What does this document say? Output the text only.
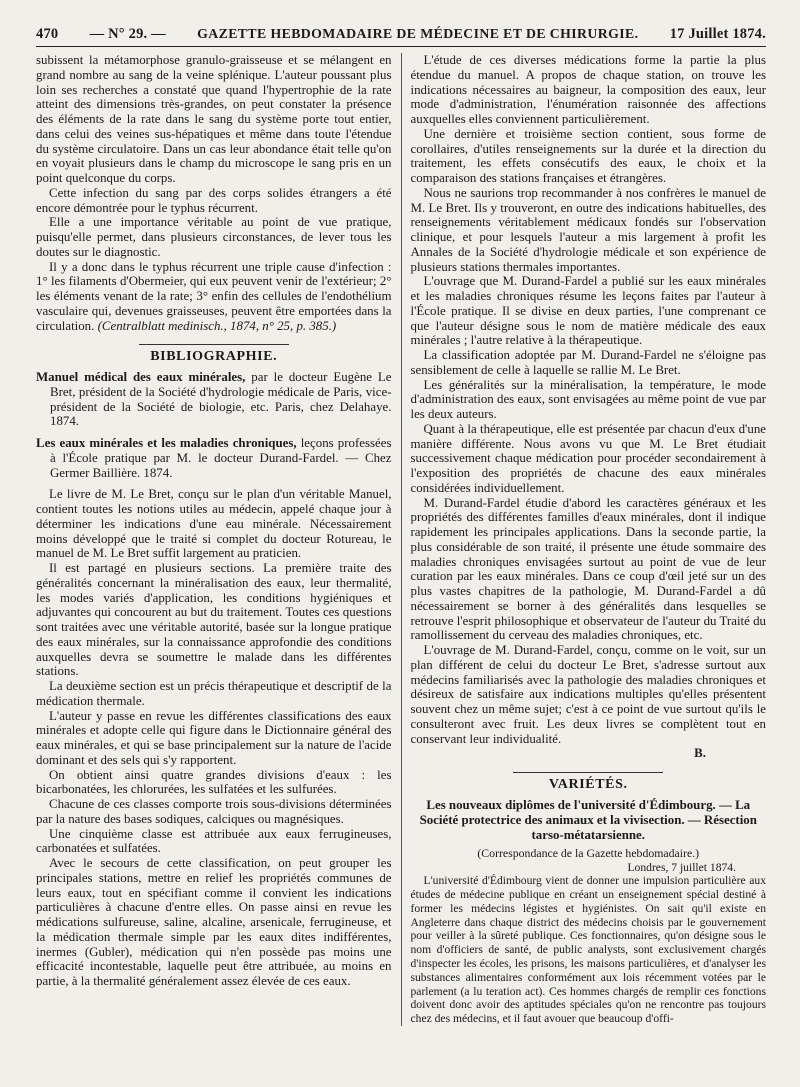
470 — N° 29. — GAZETTE HEBDOMADAIRE DE MÉDECINE ET DE CHIRURGIE. 17 Juillet 1874.

subissent la métamorphose granulo-graisseuse et se mélangent en grand nombre au sang de la veine splénique. L'auteur poussant plus loin ses recherches a constaté que quand l'hypertrophie de la rate atteint des dimensions très-grandes, on peut constater la présence des éléments de la rate dans le sang du système porte tout entier, dans celui des veines sus-hépatiques et même dans toute l'étendue du système circulatoire. Dans un cas leur abondance était telle qu'on en voyait plusieurs dans le champ du microscope le sang pris en un point quelconque du corps.

Cette infection du sang par des corps solides étrangers a été encore démontrée pour le typhus récurrent.

Elle a une importance véritable au point de vue pratique, puisqu'elle permet, dans plusieurs circonstances, de lever tous les doutes sur le diagnostic.

Il y a donc dans le typhus récurrent une triple cause d'infection : 1° les filaments d'Obermeier, qui eux peuvent venir de l'extérieur; 2° les éléments venant de la rate; 3° enfin des cellules de l'endothélium vasculaire qui, devenues graisseuses, peuvent être emportées dans la circulation. (Centralblatt medinisch., 1874, n° 25, p. 385.)

BIBLIOGRAPHIE.

Manuel médical des eaux minérales, par le docteur Eugène Le Bret, président de la Société d'hydrologie médicale de Paris, vice-président de la Société de biologie, etc. Paris, chez Delahaye. 1874.

Les eaux minérales et les maladies chroniques, leçons professées à l'École pratique par M. le docteur Durand-Fardel. — Chez Germer Baillière. 1874.

Le livre de M. Le Bret, conçu sur le plan d'un véritable Manuel, contient toutes les notions utiles au médecin, appelé chaque jour à déterminer les indications d'une eau minérale. Nécessairement moins développé que le traité si complet du docteur Rotureau, le manuel de M. Le Bret suffit largement au praticien.

Il est partagé en plusieurs sections. La première traite des généralités concernant la minéralisation des eaux, leur thermalité, les modes variés d'application, les conditions hygiéniques et adjuvantes qui concourent au but du traitement. Toutes ces questions sont traitées avec une véritable autorité, basée sur la longue pratique des eaux minérales, sur la connaissance approfondie des conditions auxquelles devra se soumettre le malade dans les différentes stations.

La deuxième section est un précis thérapeutique et descriptif de la médication thermale.

L'auteur y passe en revue les différentes classifications des eaux minérales et adopte celle qui figure dans le Dictionnaire général des eaux minérales, et qui se base principalement sur la nature de l'acide dominant et des sels qui s'y rapportent.

On obtient ainsi quatre grandes divisions d'eaux : les bicarbonatées, les chlorurées, les sulfatées et les sulfurées.

Chacune de ces classes comporte trois sous-divisions déterminées par la nature des bases sodiques, calciques ou magnésiques.

Une cinquième classe est attribuée aux eaux ferrugineuses, carbonatées et sulfatées.

Avec le secours de cette classification, on peut grouper les principales stations, mettre en relief les propriétés communes de leurs eaux, tout en spécifiant comme il convient les indications particulières à chacune d'entre elles. On passe ainsi en revue les médications sulfureuse, saline, alcaline, arsenicale, ferrugineuse, et la médication thermale simple par les eaux dites indifférentes, inermes (Gubler), médication qui n'en possède pas moins une efficacité incontestable, laquelle peut être attribuée, au moins en partie, à la thermalité généralement assez élevée de ces eaux.

L'étude de ces diverses médications forme la partie la plus étendue du manuel. A propos de chaque station, on trouve les indications nécessaires au baigneur, la composition des eaux, leur mode d'administration, l'énumération raisonnée des affections auxquelles elles conviennent particulièrement.

Une dernière et troisième section contient, sous forme de corollaires, d'utiles renseignements sur la durée et la direction du traitement, les effets consécutifs des eaux, le choix et la comparaison des stations françaises et étrangères.

Nous ne saurions trop recommander à nos confrères le manuel de M. Le Bret. Ils y trouveront, en outre des indications habituelles, des renseignements véritablement médicaux fondés sur l'observation clinique, et pour lesquels l'auteur a mis largement à profit les Annales de la Société d'hydrologie médicale et son expérience de plusieurs stations thermales importantes.

L'ouvrage que M. Durand-Fardel a publié sur les eaux minérales et les maladies chroniques résume les leçons faites par l'auteur à l'École pratique. Il se divise en deux parties, l'une comprenant ce que l'auteur désigne sous le nom de matière médicale des eaux minérales ; l'autre relative à la thérapeutique.

La classification adoptée par M. Durand-Fardel ne s'éloigne pas sensiblement de celle à laquelle se rallie M. Le Bret.

Les généralités sur la minéralisation, la température, le mode d'administration des eaux, sont envisagées au même point de vue par les deux auteurs.

Quant à la thérapeutique, elle est présentée par chacun d'eux d'une manière différente. Nous avons vu que M. Le Bret étudiait successivement chaque médication pour procéder secondairement à l'exposition des propriétés de chacune des eaux minérales considérées individuellement.

M. Durand-Fardel étudie d'abord les caractères généraux et les propriétés des différentes familles d'eaux minérales, dont il indique rapidement les principales applications. Dans la seconde partie, la plus considérable de son traité, il présente une étude sommaire des maladies chroniques envisagées surtout au point de vue de leur curation par les eaux minérales. Dans ce coup d'œil jeté sur un des plus vastes chapitres de la pathologie, M. Durand-Fardel a dû nécessairement se borner à des généralités dans lesquelles se retrouve l'esprit philosophique et observateur de l'auteur du Traité du ramollissement du cerveau des maladies chroniques, etc.

L'ouvrage de M. Durand-Fardel, conçu, comme on le voit, sur un plan différent de celui du docteur Le Bret, s'adresse surtout aux médecins familiarisés avec la pathologie des maladies chroniques et désireux de satisfaire aux indications multiples qu'elles présentent souvent chez un même sujet; c'est à ce point de vue surtout qu'ils le consulteront avec fruit. Les deux livres se complètent tout en conservant leur individualité.

B.
VARIÉTÉS.
Les nouveaux diplômes de l'université d'Édimbourg. — La Société protectrice des animaux et la vivisection. — Résection tarso-métatarsienne.
(Correspondance de la Gazette hebdomadaire.)
Londres, 7 juillet 1874.

L'université d'Édimbourg vient de donner une impulsion particulière aux études de médecine publique en créant un enseignement spécial destiné à former les médecins légistes et hygiénistes. On sait qu'il existe en Angleterre dans chaque district des médecins choisis par le gouvernement pour veiller à la sûreté publique. Ces fonctionnaires, qu'on désigne sous le nom d'officiers de santé, de public analysts, sont exclusivement chargés d'inspecter les écoles, les prisons, les maisons particulières, et d'analyser les substances alimentaires conformément aux lois récemment votées par le parlement (a lu teration act). Ces hommes chargés de remplir ces fonctions doivent donc avoir des aptitudes spéciales qu'on ne rencontre pas toujours chez des médecins, et il faut avouer que beaucoup d'offi-
